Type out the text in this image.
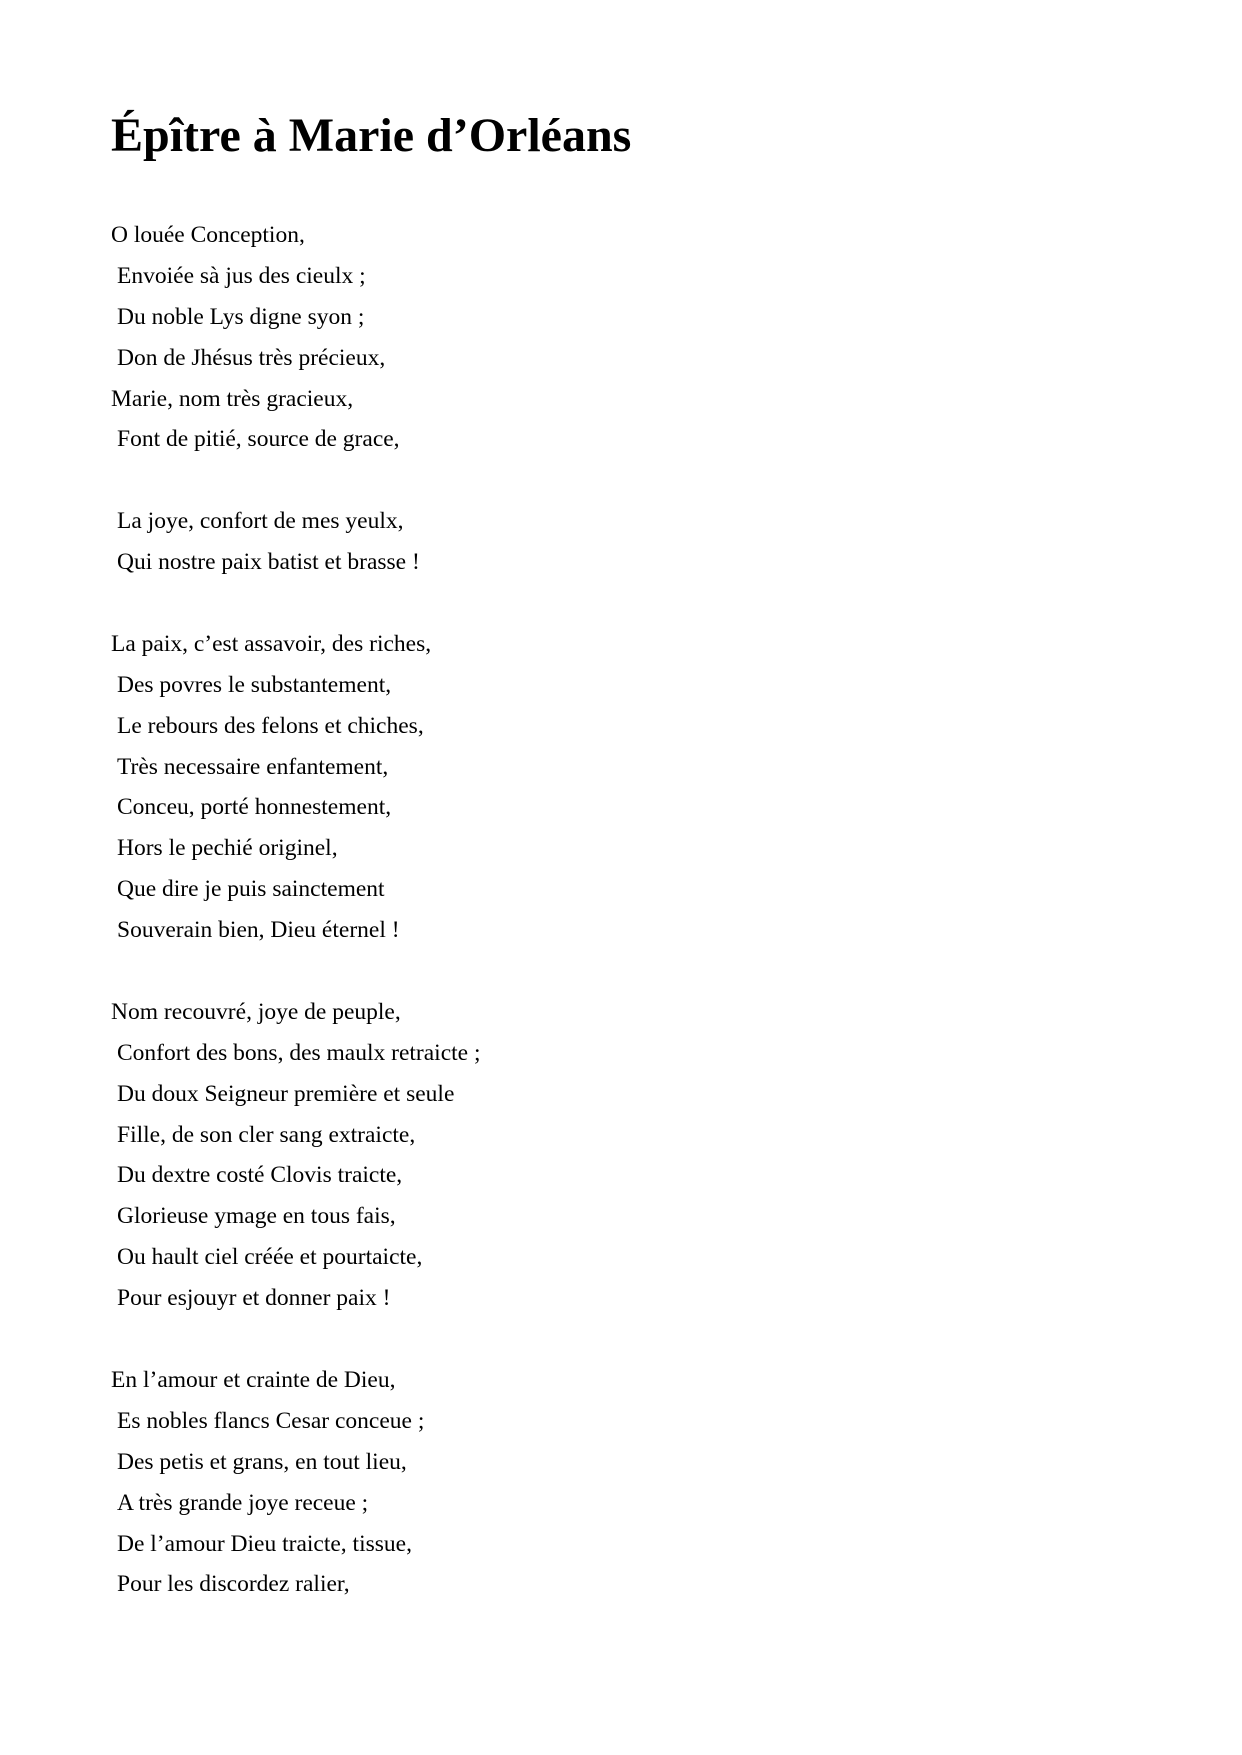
Épître à Marie d’Orléans
O louée Conception,
Envoiée sà jus des cieulx ;
Du noble Lys digne syon ;
Don de Jhésus très précieux,
Marie, nom très gracieux,
Font de pitié, source de grace,
La joye, confort de mes yeulx,
Qui nostre paix batist et brasse !
La paix, c’est assavoir, des riches,
Des povres le substantement,
Le rebours des felons et chiches,
Très necessaire enfantement,
Conceu, porté honnestement,
Hors le pechié originel,
Que dire je puis sainctement
Souverain bien, Dieu éternel !
Nom recouvré, joye de peuple,
Confort des bons, des maulx retraicte ;
Du doux Seigneur première et seule
Fille, de son cler sang extraicte,
Du dextre costé Clovis traicte,
Glorieuse ymage en tous fais,
Ou hault ciel créée et pourtaicte,
Pour esjouyr et donner paix !
En l’amour et crainte de Dieu,
Es nobles flancs Cesar conceue ;
Des petis et grans, en tout lieu,
A très grande joye receue ;
De l’amour Dieu traicte, tissue,
Pour les discordez ralier,
